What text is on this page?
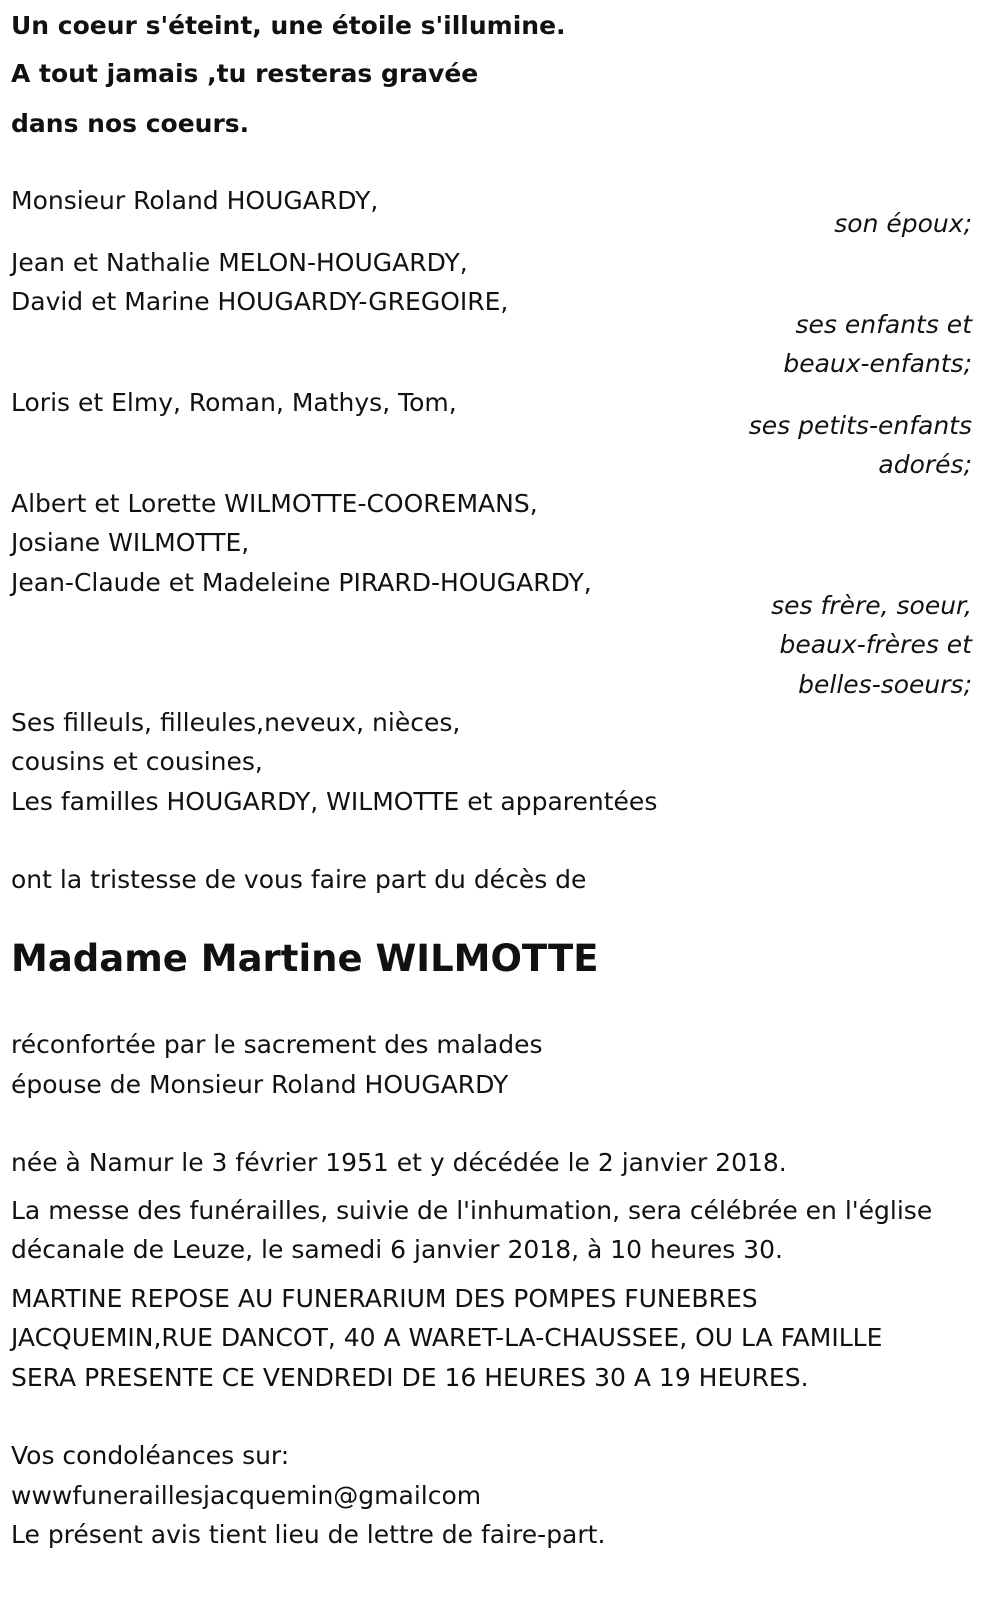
Un coeur s'éteint, une étoile s'illumine.
A tout jamais ,tu resteras gravée
dans nos coeurs.
Monsieur Roland HOUGARDY,
son époux;
Jean et Nathalie MELON-HOUGARDY,
David et Marine HOUGARDY-GREGOIRE,
ses enfants et
beaux-enfants;
Loris et Elmy, Roman, Mathys, Tom,
ses petits-enfants
adorés;
Albert et Lorette WILMOTTE-COOREMANS,
Josiane WILMOTTE,
Jean-Claude et Madeleine PIRARD-HOUGARDY,
ses frère, soeur,
beaux-frères et
belles-soeurs;
Ses filleuls, filleules,neveux, nièces,
cousins et cousines,
Les familles HOUGARDY, WILMOTTE et apparentées
ont la tristesse de vous faire part du décès de
Madame Martine WILMOTTE
réconfortée par le sacrement des malades
épouse de Monsieur Roland HOUGARDY
née à Namur le 3 février 1951 et y décédée le 2 janvier 2018.
La messe des funérailles, suivie de l'inhumation, sera célébrée en l'église
décanale de Leuze, le samedi 6 janvier 2018, à 10 heures 30.
MARTINE REPOSE AU FUNERARIUM DES POMPES FUNEBRES
JACQUEMIN,RUE DANCOT, 40 A WARET-LA-CHAUSSEE, OU LA FAMILLE
SERA PRESENTE CE VENDREDI DE 16 HEURES 30 A 19 HEURES.
Vos condoléances sur:
wwwfuneraillesjacquemin@gmailcom
Le présent avis tient lieu de lettre de faire-part.
